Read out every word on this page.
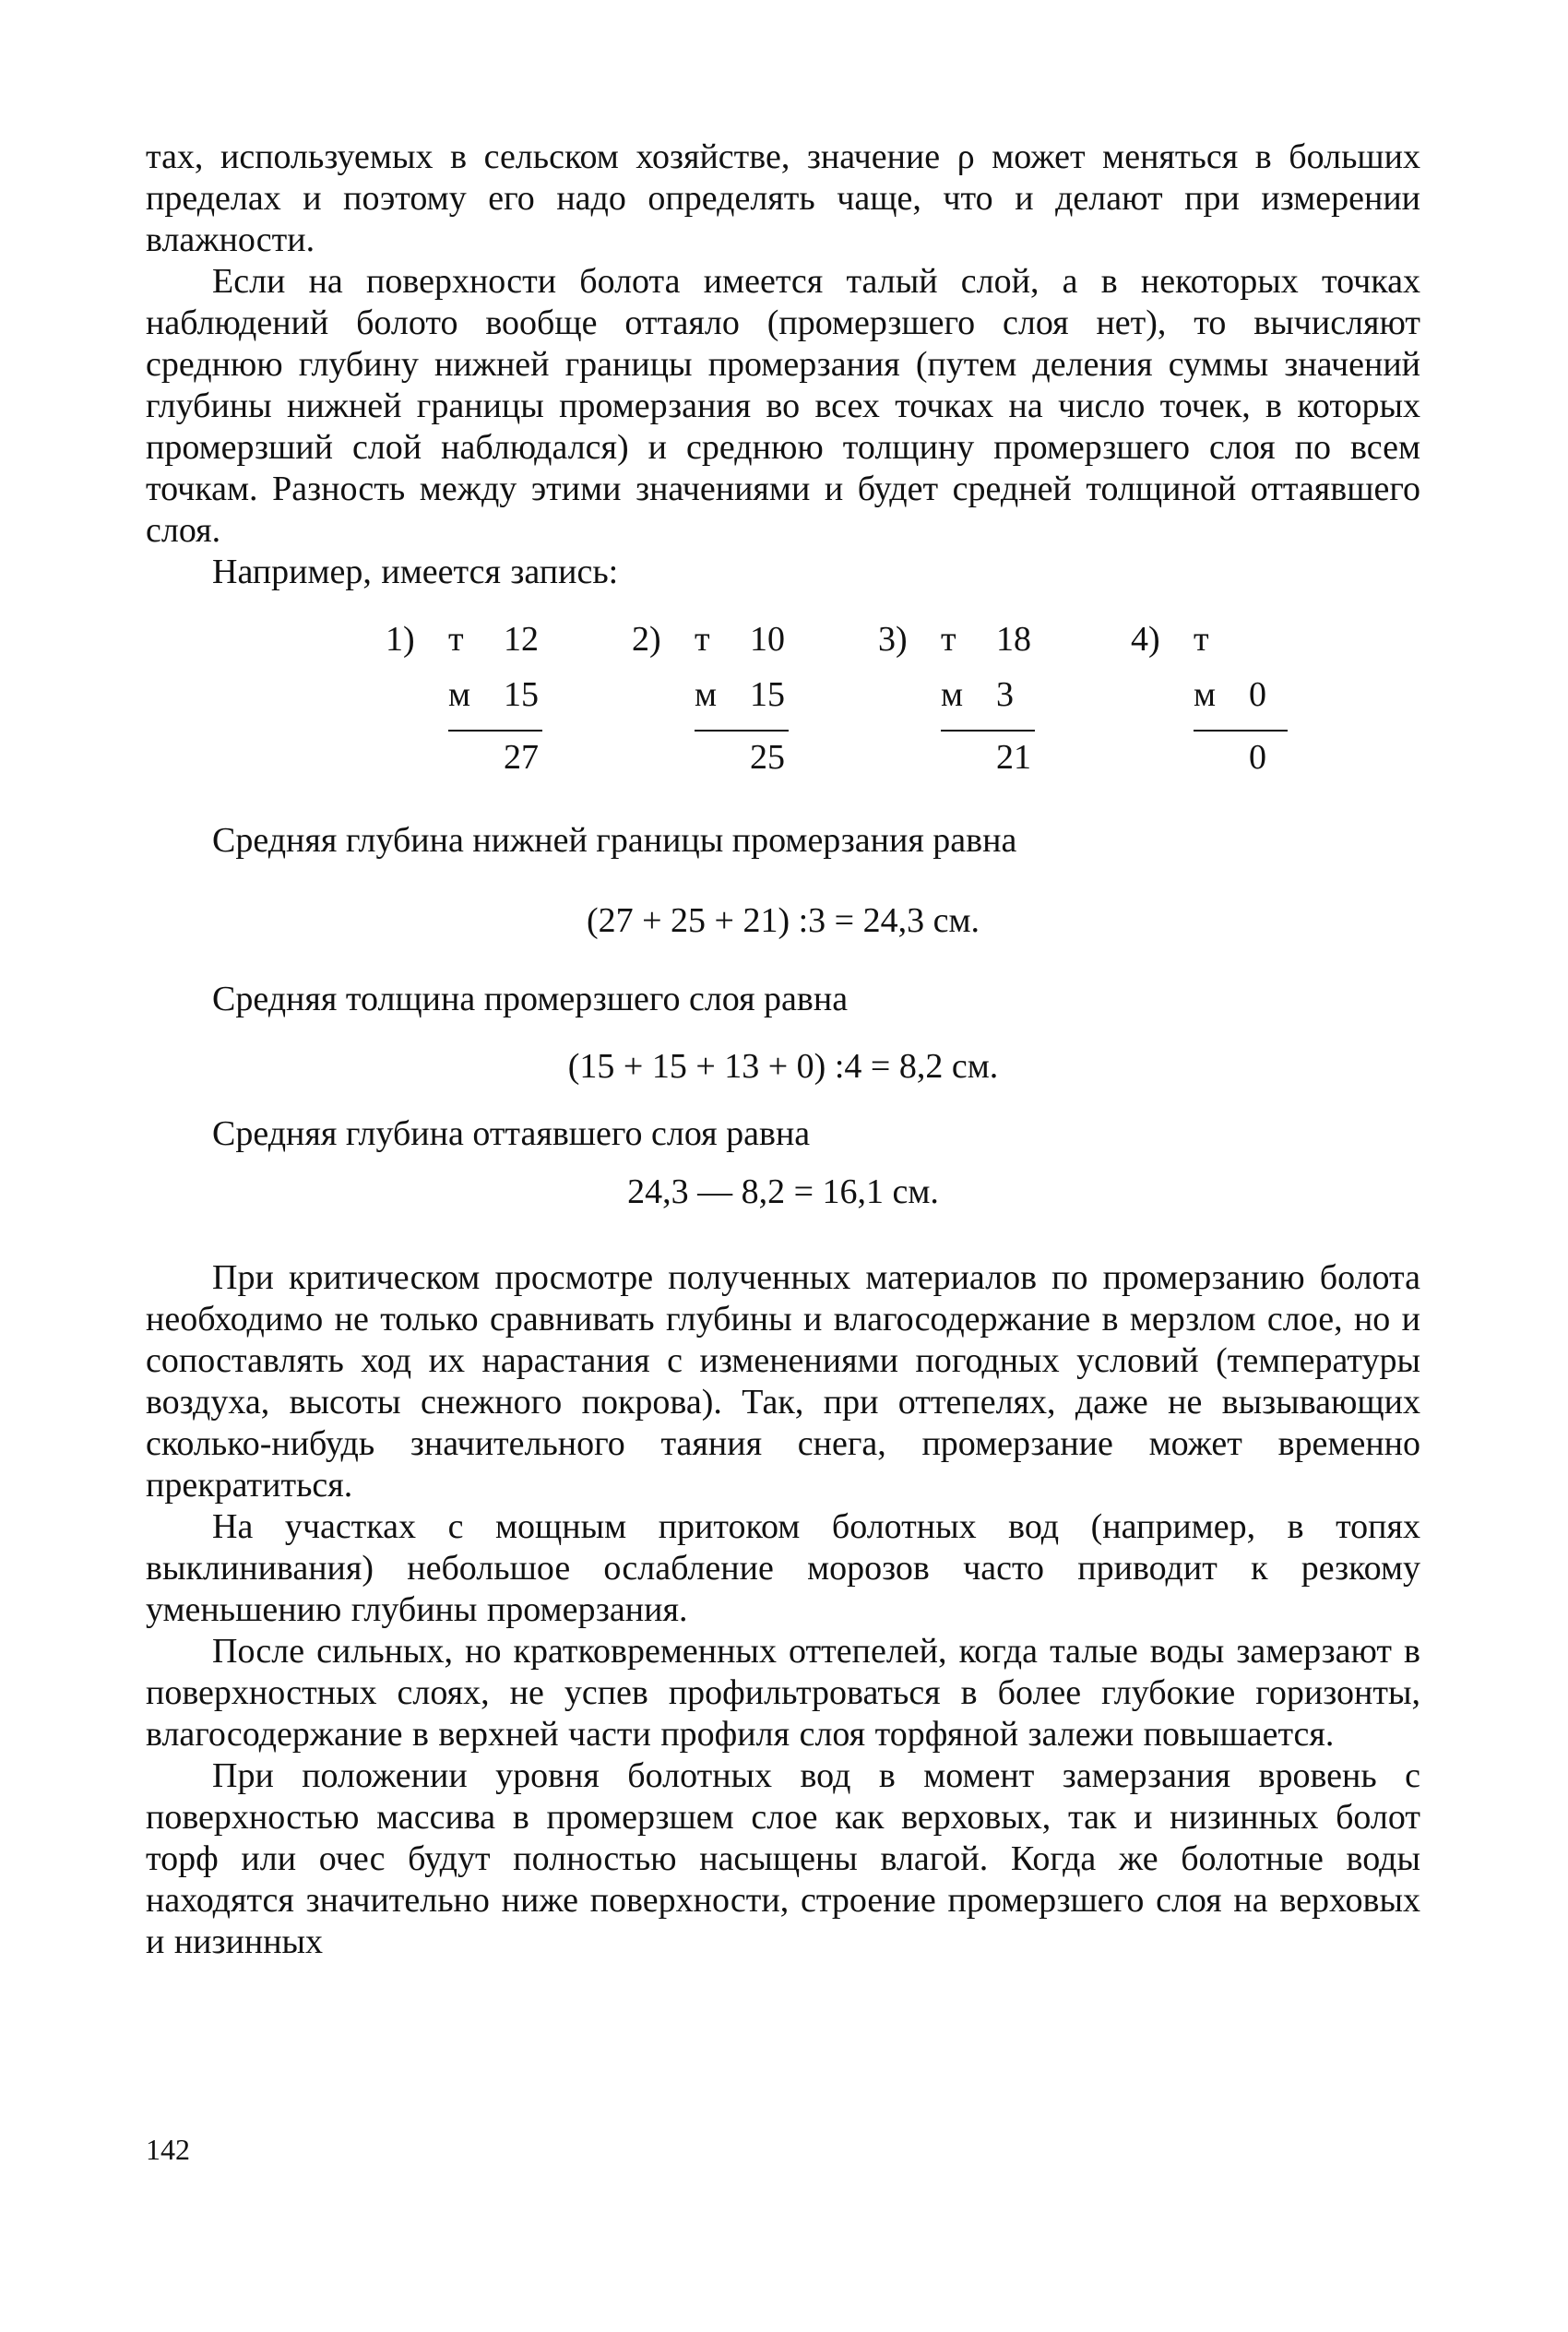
тах, используемых в сельском хозяйстве, значение ρ может меняться в больших пределах и поэтому его надо определять чаще, что и делают при измерении влажности.

Если на поверхности болота имеется талый слой, а в некоторых точках наблюдений болото вообще оттаяло (промерзшего слоя нет), то вычисляют среднюю глубину нижней границы промерзания (путем деления суммы значений глубины нижней границы промерзания во всех точках на число точек, в которых промерзший слой наблюдался) и среднюю толщину промерзшего слоя по всем точкам. Разность между этими значениями и будет средней толщиной оттаявшего слоя.

Например, имеется запись:

1) т 12
м 15
27
2) т 10
м 15
25
3) т 18
м 3
21
4) т
м 0
0

Средняя глубина нижней границы промерзания равна

(27 + 25 + 21) :3 = 24,3 см.

Средняя толщина промерзшего слоя равна

(15 + 15 + 13 + 0) :4 = 8,2 см.

Средняя глубина оттаявшего слоя равна

24,3 — 8,2 = 16,1 см.

При критическом просмотре полученных материалов по промерзанию болота необходимо не только сравнивать глубины и влагосодержание в мерзлом слое, но и сопоставлять ход их нарастания с изменениями погодных условий (температуры воздуха, высоты снежного покрова). Так, при оттепелях, даже не вызывающих сколько-нибудь значительного таяния снега, промерзание может временно прекратиться.

На участках с мощным притоком болотных вод (например, в топях выклинивания) небольшое ослабление морозов часто приводит к резкому уменьшению глубины промерзания.

После сильных, но кратковременных оттепелей, когда талые воды замерзают в поверхностных слоях, не успев профильтроваться в более глубокие горизонты, влагосодержание в верхней части профиля слоя торфяной залежи повышается.

При положении уровня болотных вод в момент замерзания вровень с поверхностью массива в промерзшем слое как верховых, так и низинных болот торф или очес будут полностью насыщены влагой. Когда же болотные воды находятся значительно ниже поверхности, строение промерзшего слоя на верховых и низинных

142
